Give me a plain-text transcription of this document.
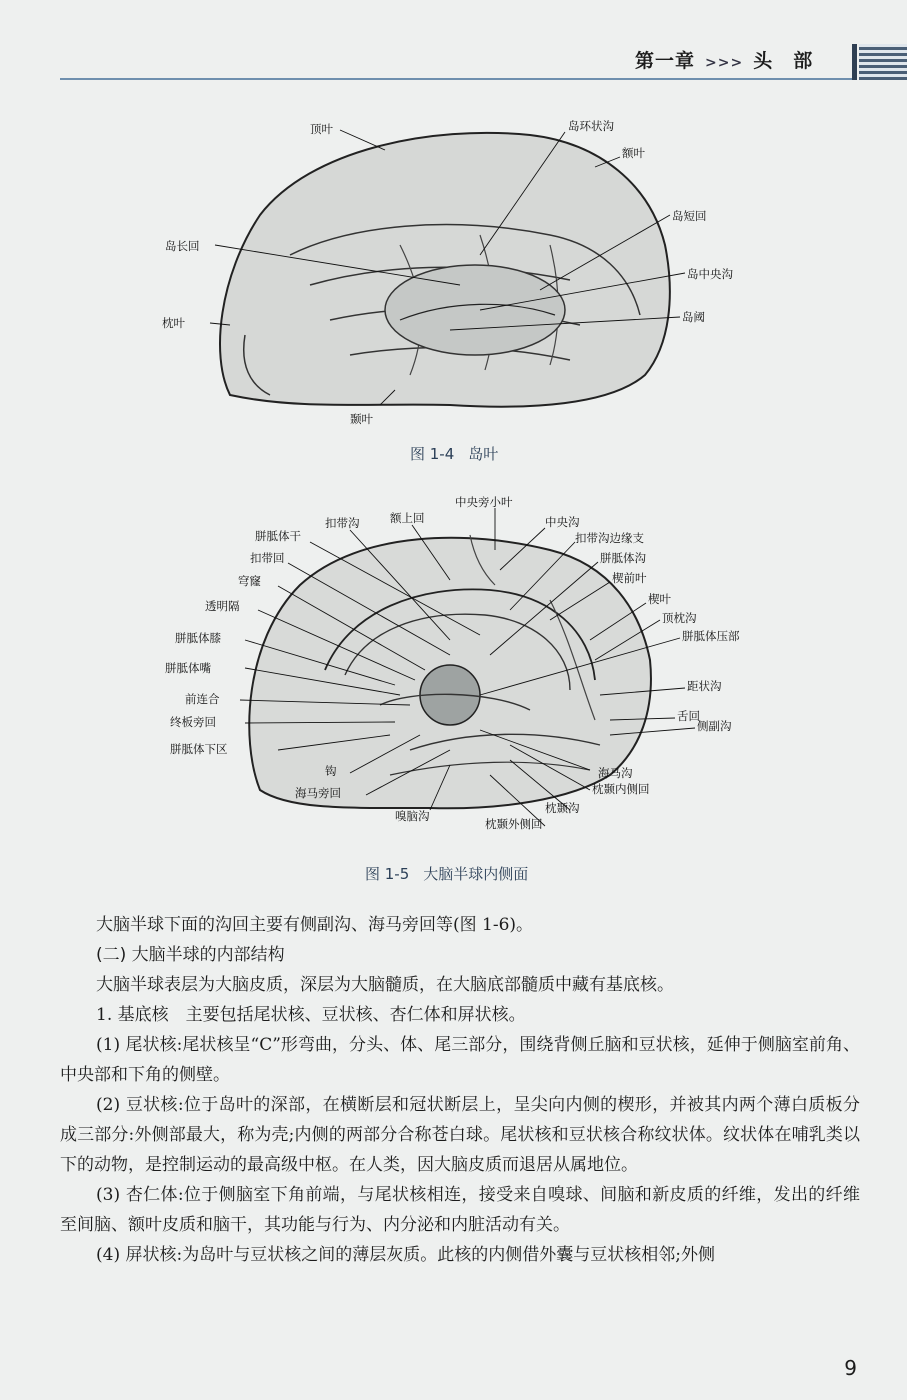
第一章 >>> 头　部
顶叶	岛环状沟
额叶
岛短回
岛长回
岛中央沟
枕叶	岛阈
颞叶
图 1-4 岛叶
中央旁小叶
扣带沟	额上回	中央沟
胼胝体干	扣带沟边缘支
扣带回	胼胝体沟
穹窿	楔前叶
透明隔	楔叶
顶枕沟
胼胝体膝	胼胝体压部
胼胝体嘴
距状沟
前连合
舌回
终板旁回	侧副沟
胼胝体下区
海马沟
钩
枕颞内侧回
海马旁回
枕颞沟
嗅脑沟
枕颞外侧回
图 1-5 大脑半球内侧面

大脑半球下面的沟回主要有侧副沟、海马旁回等(图 1-6)。

(二) 大脑半球的内部结构

大脑半球表层为大脑皮质，深层为大脑髓质，在大脑底部髓质中藏有基底核。

1. 基底核　主要包括尾状核、豆状核、杏仁体和屏状核。

(1) 尾状核:尾状核呈“C”形弯曲，分头、体、尾三部分，围绕背侧丘脑和豆状核，延伸于侧脑室前角、中央部和下角的侧壁。

(2) 豆状核:位于岛叶的深部，在横断层和冠状断层上，呈尖向内侧的楔形，并被其内两个薄白质板分成三部分:外侧部最大，称为壳;内侧的两部分合称苍白球。尾状核和豆状核合称纹状体。纹状体在哺乳类以下的动物，是控制运动的最高级中枢。在人类，因大脑皮质而退居从属地位。

(3) 杏仁体:位于侧脑室下角前端，与尾状核相连，接受来自嗅球、间脑和新皮质的纤维，发出的纤维至间脑、额叶皮质和脑干，其功能与行为、内分泌和内脏活动有关。

(4) 屏状核:为岛叶与豆状核之间的薄层灰质。此核的内侧借外囊与豆状核相邻;外侧

9
